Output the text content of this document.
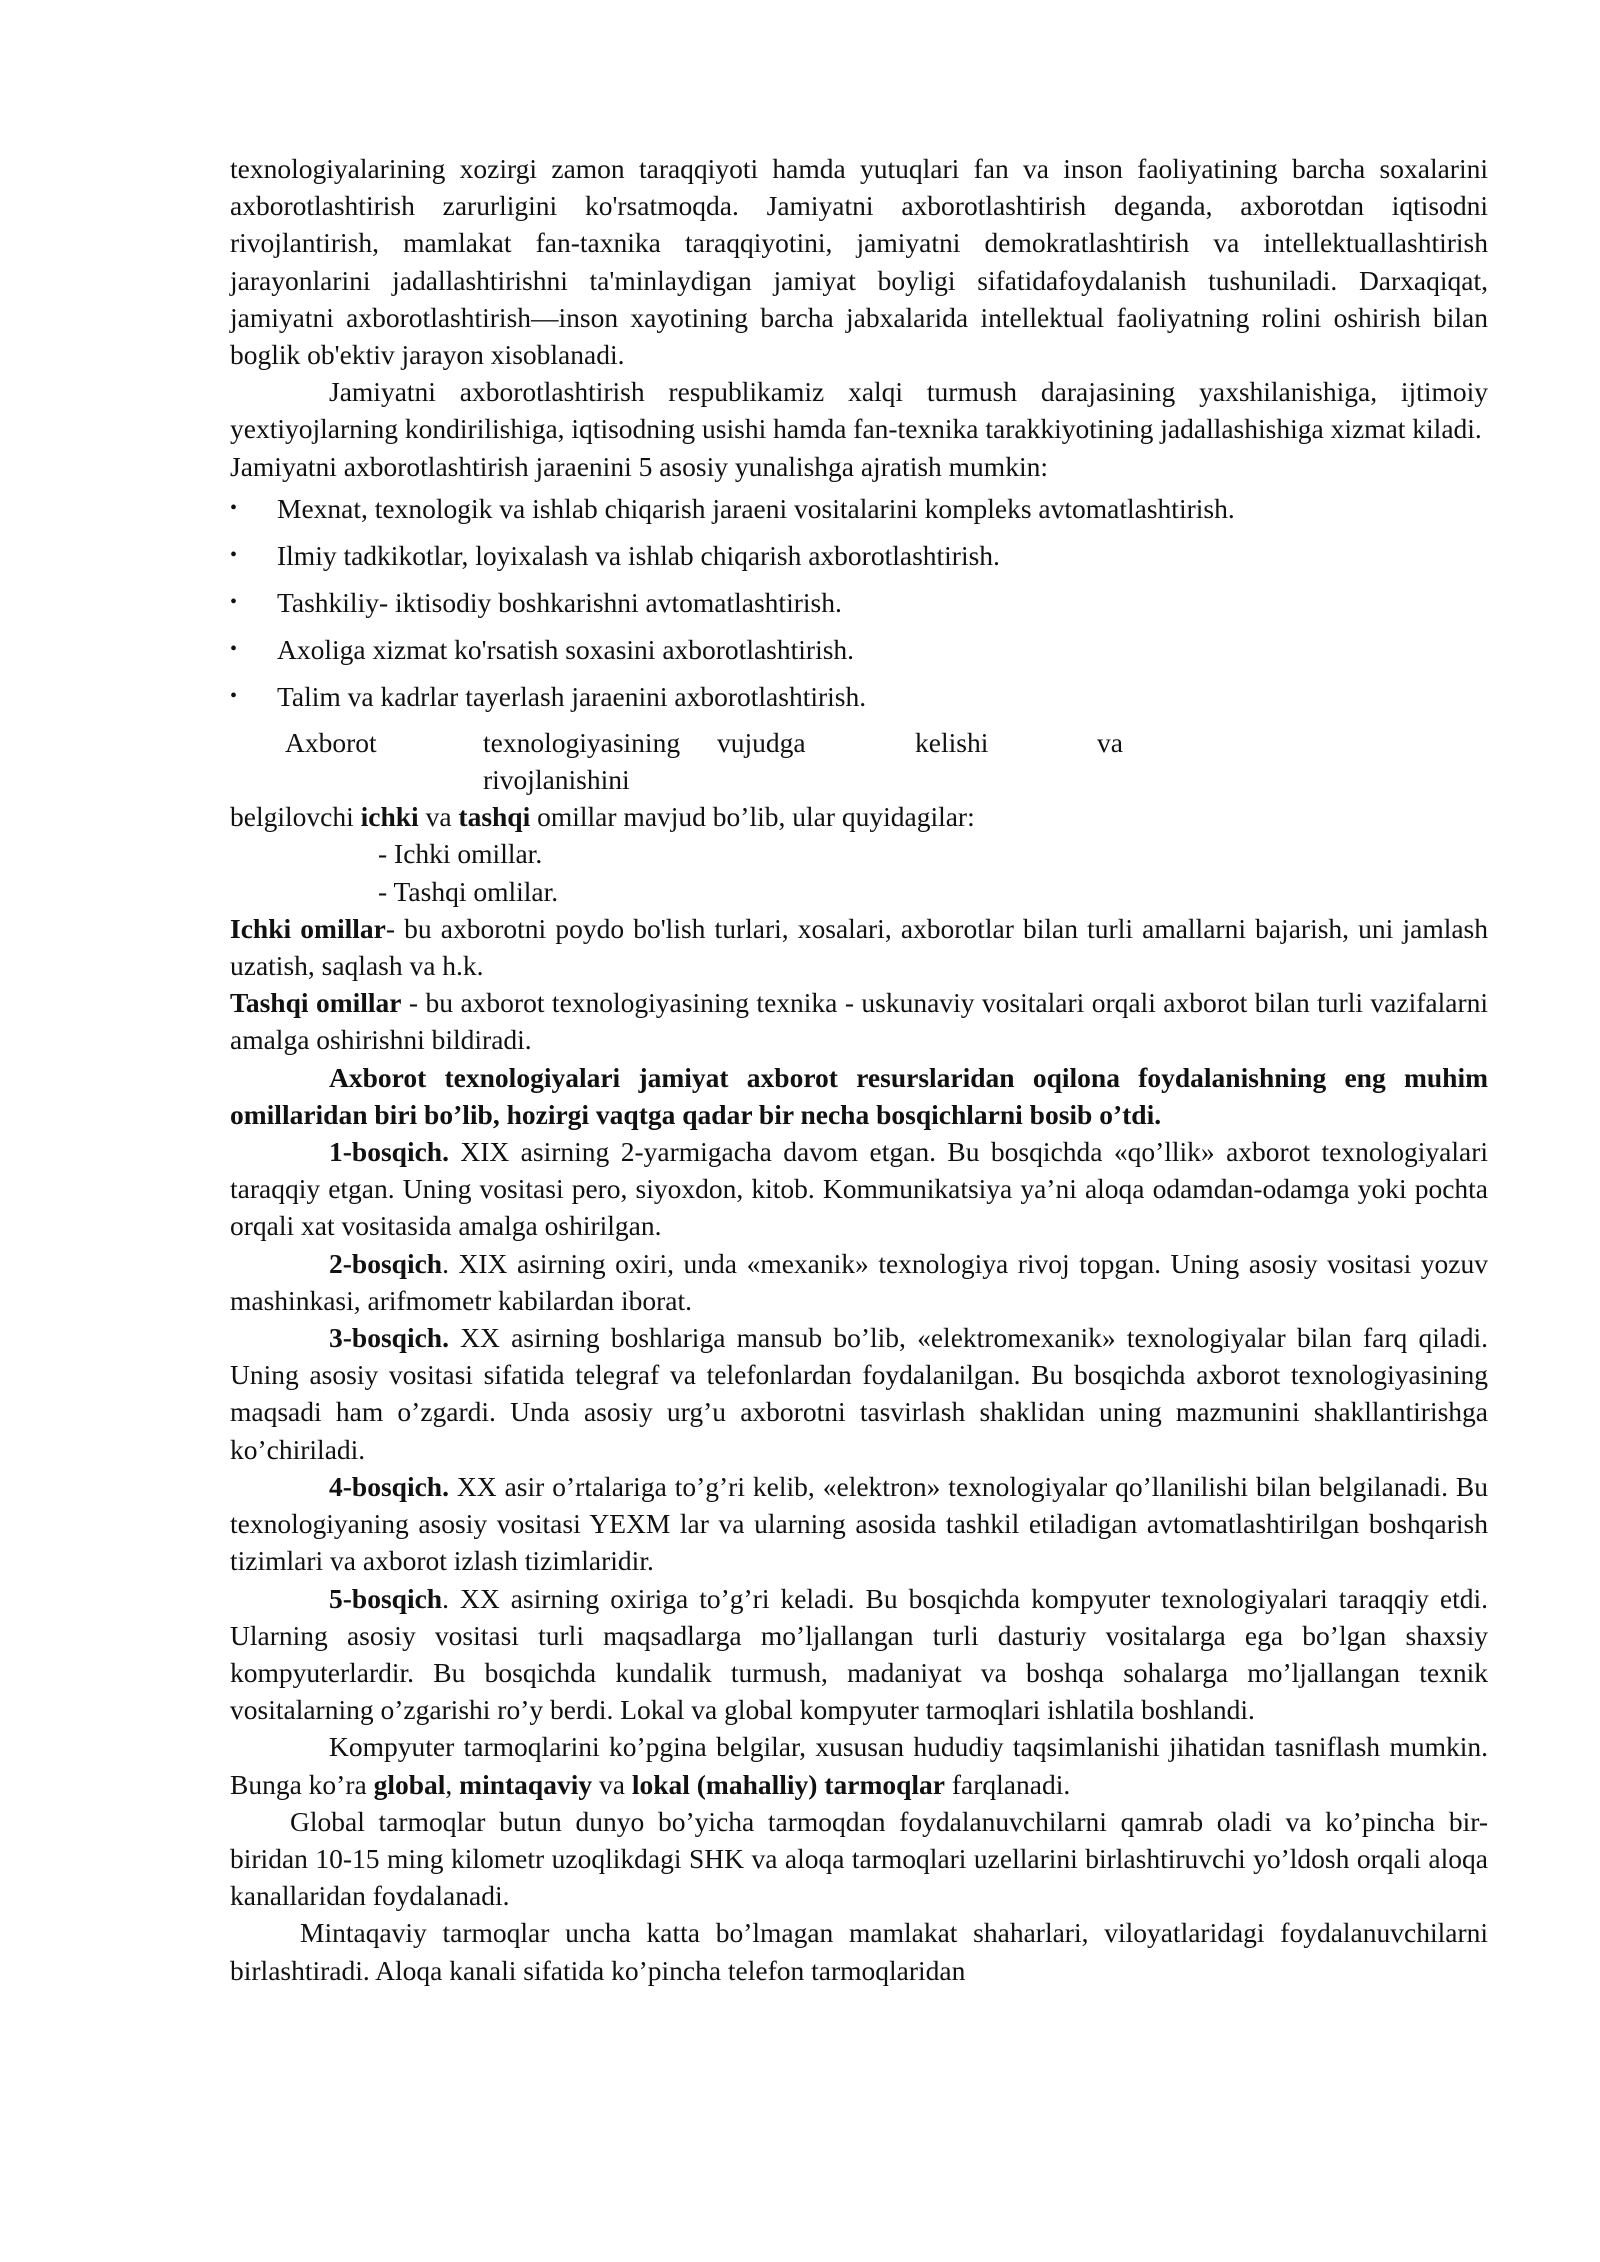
texnologiyalarining xozirgi zamon taraqqiyoti hamda yutuqlari fan va inson faoliyatining barcha soxalarini axborotlashtirish zarurligini ko'rsatmoqda. Jamiyatni axborotlashtirish deganda, axborotdan iqtisodni rivojlantirish, mamlakat fan-taxnika taraqqiyotini, jamiyatni demokratlashtirish va intellektuallashtirish jarayonlarini jadallashtirishni ta'minlaydigan jamiyat boyligi sifatidafoydalanish tushuniladi. Darxaqiqat, jamiyatni axborotlashtirish—inson xayotining barcha jabxalarida intellektual faoliyatning rolini oshirish bilan boglik ob'ektiv jarayon xisoblanadi.

Jamiyatni axborotlashtirish respublikamiz xalqi turmush darajasining yaxshilanishiga, ijtimoiy yextiyojlarning kondirilishiga, iqtisodning usishi hamda fan-texnika tarakkiyotining jadallashishiga xizmat kiladi.

Jamiyatni axborotlashtirish jaraenini 5 asosiy yunalishga ajratish mumkin:

• Mexnat, texnologik va ishlab chiqarish jaraeni vositalarini kompleks avtomatlashtirish.
• Ilmiy tadkikotlar, loyixalash va ishlab chiqarish axborotlashtirish.
• Tashkiliy- iktisodiy boshkarishni avtomatlashtirish.
• Axoliga xizmat ko'rsatish soxasini axborotlashtirish.
• Talim va kadrlar tayerlash jaraenini axborotlashtirish.
Axborot	texnologiyasining	vujudga	kelishi	va
rivojlanishini

belgilovchi ichki va tashqi omillar mavjud bo’lib, ular quyidagilar:

- Ichki omillar.
- Tashqi omlilar.

Ichki omillar- bu axborotni poydo bo'lish turlari, xosalari, axborotlar bilan turli amallarni bajarish, uni jamlash uzatish, saqlash va h.k.

Tashqi omillar - bu axborot texnologiyasining texnika - uskunaviy vositalari orqali axborot bilan turli vazifalarni amalga oshirishni bildiradi.

Axborot texnologiyalari jamiyat axborot resurslaridan oqilona foydalanishning eng muhim omillaridan biri bo’lib, hozirgi vaqtga qadar bir necha bosqichlarni bosib o’tdi.

1-bosqich. XIX asirning 2-yarmigacha davom etgan. Bu bosqichda «qo’llik» axborot texnologiyalari taraqqiy etgan. Uning vositasi pero, siyoxdon, kitob. Kommunikatsiya ya’ni aloqa odamdan-odamga yoki pochta orqali xat vositasida amalga oshirilgan.

2-bosqich. XIX asirning oxiri, unda «mexanik» texnologiya rivoj topgan. Uning asosiy vositasi yozuv mashinkasi, arifmometr kabilardan iborat.

3-bosqich. XX asirning boshlariga mansub bo’lib, «elektromexanik» texnologiyalar bilan farq qiladi. Uning asosiy vositasi sifatida telegraf va telefonlardan foydalanilgan. Bu bosqichda axborot texnologiyasining maqsadi ham o’zgardi. Unda asosiy urg’u axborotni tasvirlash shaklidan uning mazmunini shakllantirishga ko’chiriladi.

4-bosqich. XX asir o’rtalariga to’g’ri kelib, «elektron» texnologiyalar qo’llanilishi bilan belgilanadi. Bu texnologiyaning asosiy vositasi YEXM lar va ularning asosida tashkil etiladigan avtomatlashtirilgan boshqarish tizimlari va axborot izlash tizimlaridir.

5-bosqich. XX asirning oxiriga to’g’ri keladi. Bu bosqichda kompyuter texnologiyalari taraqqiy etdi. Ularning asosiy vositasi turli maqsadlarga mo’ljallangan turli dasturiy vositalarga ega bo’lgan shaxsiy kompyuterlardir. Bu bosqichda kundalik turmush, madaniyat va boshqa sohalarga mo’ljallangan texnik vositalarning o’zgarishi ro’y berdi. Lokal va global kompyuter tarmoqlari ishlatila boshlandi.

Kompyuter tarmoqlarini ko’pgina belgilar, xususan hududiy taqsimlanishi jihatidan tasniflash mumkin. Bunga ko’ra global, mintaqaviy va lokal (mahalliy) tarmoqlar farqlanadi.

Global tarmoqlar butun dunyo bo’yicha tarmoqdan foydalanuvchilarni qamrab oladi va ko’pincha bir-biridan 10-15 ming kilometr uzoqlikdagi SHK va aloqa tarmoqlari uzellarini birlashtiruvchi yo’ldosh orqali aloqa kanallaridan foydalanadi.

Mintaqaviy tarmoqlar uncha katta bo’lmagan mamlakat shaharlari, viloyatlaridagi foydalanuvchilarni birlashtiradi. Aloqa kanali sifatida ko’pincha telefon tarmoqlaridan
